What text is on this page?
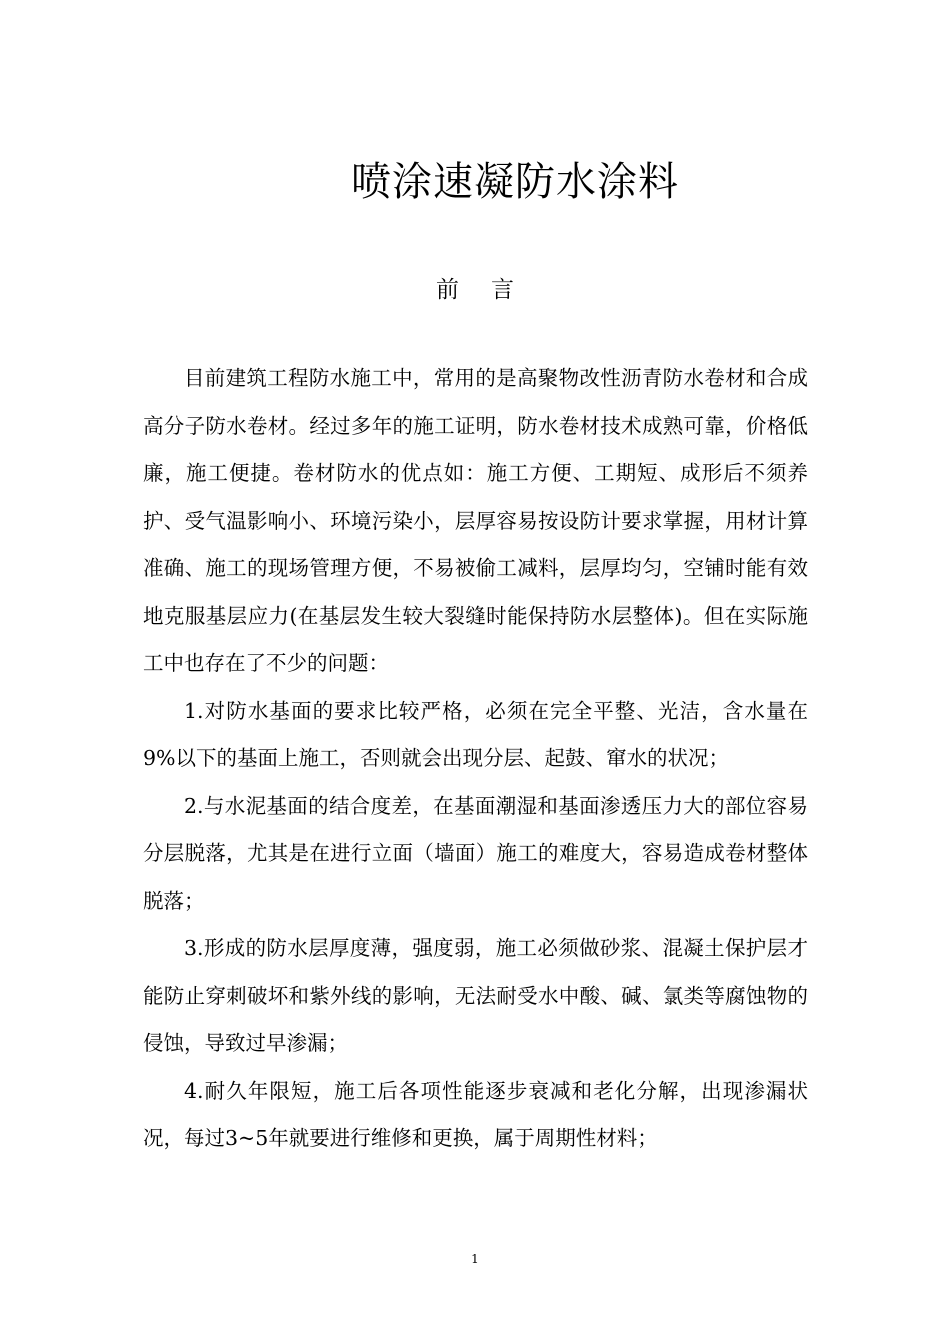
喷涂速凝防水涂料
前 言

目前建筑工程防水施工中，常用的是高聚物改性沥青防水卷材和合成高分子防水卷材。经过多年的施工证明，防水卷材技术成熟可靠，价格低廉，施工便捷。卷材防水的优点如：施工方便、工期短、成形后不须养护、受气温影响小、环境污染小，层厚容易按设防计要求掌握，用材计算准确、施工的现场管理方便，不易被偷工减料，层厚均匀，空铺时能有效地克服基层应力(在基层发生较大裂缝时能保持防水层整体)。但在实际施工中也存在了不少的问题：

1.对防水基面的要求比较严格，必须在完全平整、光洁，含水量在9%以下的基面上施工，否则就会出现分层、起鼓、窜水的状况；

2.与水泥基面的结合度差，在基面潮湿和基面渗透压力大的部位容易分层脱落，尤其是在进行立面（墙面）施工的难度大，容易造成卷材整体脱落；

3.形成的防水层厚度薄，强度弱，施工必须做砂浆、混凝土保护层才能防止穿刺破坏和紫外线的影响，无法耐受水中酸、碱、氯类等腐蚀物的侵蚀，导致过早渗漏；

4.耐久年限短，施工后各项性能逐步衰减和老化分解，出现渗漏状况，每过3~5年就要进行维修和更换，属于周期性材料；

1
